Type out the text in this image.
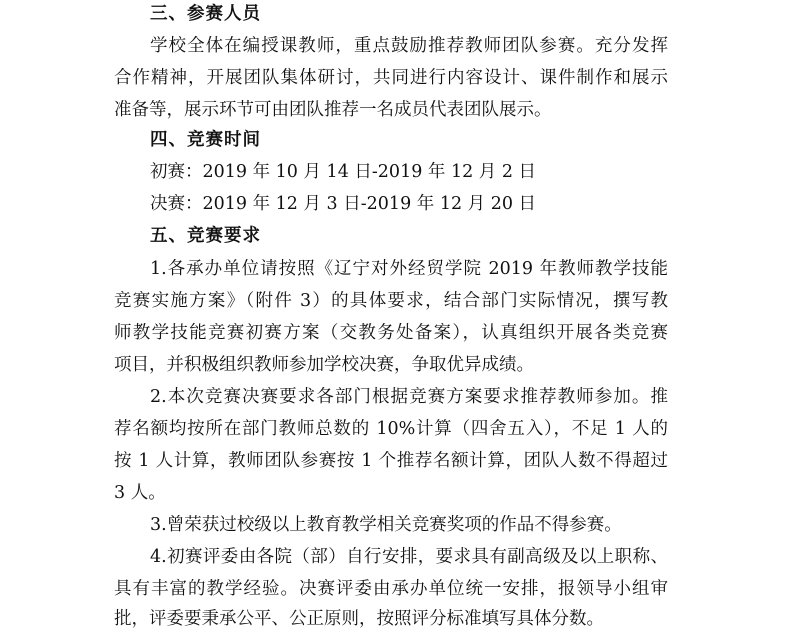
三、参赛人员
学校全体在编授课教师，重点鼓励推荐教师团队参赛。充分发挥
合作精神，开展团队集体研讨，共同进行内容设计、课件制作和展示
准备等，展示环节可由团队推荐一名成员代表团队展示。
四、竞赛时间
初赛：2019 年 10 月 14 日-2019 年 12 月 2 日
决赛：2019 年 12 月 3 日-2019 年 12 月 20 日
五、竞赛要求
1.各承办单位请按照《辽宁对外经贸学院 2019 年教师教学技能
竞赛实施方案》（附件 3）的具体要求，结合部门实际情况，撰写教
师教学技能竞赛初赛方案（交教务处备案），认真组织开展各类竞赛
项目，并积极组织教师参加学校决赛，争取优异成绩。
2.本次竞赛决赛要求各部门根据竞赛方案要求推荐教师参加。推
荐名额均按所在部门教师总数的 10%计算（四舍五入），不足 1 人的
按 1 人计算，教师团队参赛按 1 个推荐名额计算，团队人数不得超过
3 人。
3.曾荣获过校级以上教育教学相关竞赛奖项的作品不得参赛。
4.初赛评委由各院（部）自行安排，要求具有副高级及以上职称、
具有丰富的教学经验。决赛评委由承办单位统一安排，报领导小组审
批，评委要秉承公平、公正原则，按照评分标准填写具体分数。
